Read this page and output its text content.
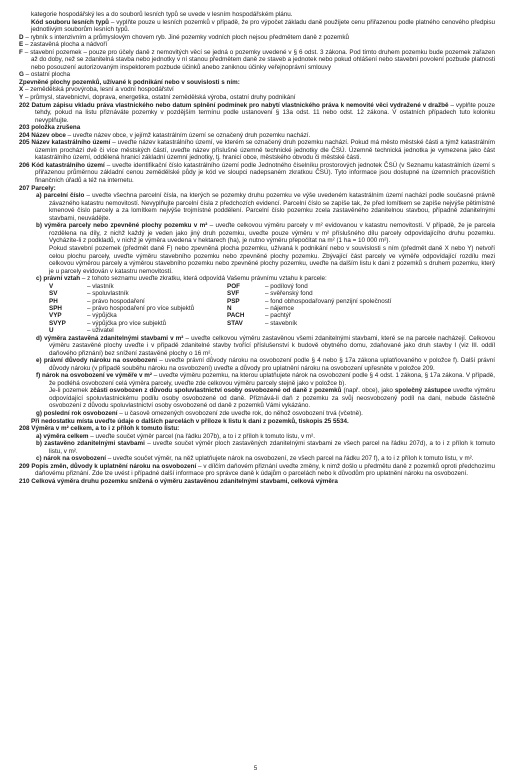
kategorie hospodářský les a do souborů lesních typů se uvede v lesním hospodářském plánu.

Kód souboru lesních typů – vyplňte pouze u lesních pozemků v případě, že pro výpočet základu daně použijete cenu přiřazenou podle platného cenového předpisu jednotlivým souborům lesních typů.

D – rybník s intenzivním a průmyslovým chovem ryb. Jiné pozemky vodních ploch nejsou předmětem daně z pozemků

E – zastavěná plocha a nádvoří

F – stavební pozemek – pouze pro účely daně z nemovitých věcí se jedná o pozemky uvedené v § 6 odst. 3 zákona. Pod tímto druhem pozemku bude pozemek zařazen až do doby, než se zdanitelná stavba nebo jednotky v ní stanou předmětem daně ze staveb a jednotek nebo pokud ohlášení nebo stavební povolení pozbude platnosti nebo posouzení autorizovaným inspektorem pozbude účinků anebo zaniknou účinky veřejnoprávní smlouvy

G – ostatní plocha

Zpevněné plochy pozemků, užívané k podnikání nebo v souvislosti s ním:

X – zemědělská prvovýroba, lesní a vodní hospodářství

Y – průmysl, stavebnictví, doprava, energetika, ostatní zemědělská výroba, ostatní druhy podnikání

202 Datum zápisu vkladu práva vlastnického nebo datum splnění podmínek pro nabytí vlastnického práva k nemovité věci vydražené v dražbě – vyplňte pouze tehdy, pokud na listu přiznáváte pozemky v pozdějším termínu podle ustanovení § 13a odst. 11 nebo odst. 12 zákona. V ostatních případech tuto kolonku nevyplňujte.

203 položka zrušena

204 Název obce – uveďte název obce, v jejímž katastrálním území se označený druh pozemku nachází.

205 Název katastrálního území – uveďte název katastrálního území, ve kterém se označený druh pozemku nachází. Pokud má město městské části a týmž katastrálním územím prochází dvě či více městských částí, uveďte název příslušné územně technické jednotky dle ČSÚ. Územně technická jednotka je vymezena jako část katastrálního území, oddělená hranicí základní územní jednotky, tj. hranicí obce, městského obvodu či městské části.

206 Kód katastrálního území – uveďte identifikační číslo katastrálního území podle Jednotného číselníku prostorových jednotek ČSÚ (v Seznamu katastrálních území s přiřazenou průměrnou základní cenou zemědělské půdy je kód ve sloupci nadepsaném zkratkou ČSÚ). Tyto informace jsou dostupné na územních pracovištích finančních úřadů a též na internetu.

207 Parcely:

a) parcelní číslo – uveďte všechna parcelní čísla, na kterých se pozemky druhu pozemku ve výše uvedeném katastrálním území nachází podle současné právně závazného katastru nemovitostí. Nevyplňujte parcelní čísla z předchozích evidencí. Parcelní číslo se zapíše tak, že před lomítkem se zapíše nejvýše pětimístné kmenové číslo parcely a za lomítkem nejvýše trojmístné poddělení. Parcelní číslo pozemku zcela zastavěného zdanitelnou stavbou, případně zdanitelnými stavbami, neuvádějte.

b) výměra parcely nebo zpevněné plochy pozemku v m² – uveďte celkovou výměru parcely v m² evidovanou v katastru nemovitostí. V případě, že je parcela rozdělena na díly, z nichž každý je veden jako jiný druh pozemku, uveďte pouze výměru v m² příslušného dílu parcely odpovídajícího druhu pozemku. Vycházíte-li z podkladů, v nichž je výměra uvedena v hektarech (ha), je nutno výměru přepočítat na m² (1 ha = 10 000 m²).

Pokud stavební pozemek (předmět daně F) nebo zpevněná plocha pozemku, užívaná k podnikání nebo v souvislosti s ním (předmět daně X nebo Y) netvoří celou plochu parcely, uveďte výměru stavebního pozemku nebo zpevněné plochy pozemku. Zbývající část parcely ve výměře odpovídající rozdílu mezi celkovou výměrou parcely a výměrou stavebního pozemku nebo zpevněné plochy pozemku, uveďte na dalším listu k dani z pozemků s druhem pozemku, který je u parcely evidován v katastru nemovitostí.

c) právní vztah – z tohoto seznamu uveďte zkratku, která odpovídá Vašemu právnímu vztahu k parcele:

V	– vlastník	POF	– podílový fond
SV	– spoluvlastník	SVF	– svěřenský fond
PH	– právo hospodaření	PSP	– fond obhospodařovaný penzijní společností
SPH	– právo hospodaření pro více subjektů	N	– nájemce
VYP	– výpůjčka	PACH	– pachtýř
SVYP	– výpůjčka pro více subjektů	STAV	– stavebník
U	– uživatel		

d) výměra zastavěná zdanitelnými stavbami v m² – uveďte celkovou výměru zastavěnou všemi zdanitelnými stavbami, které se na parcele nacházejí. Celkovou výměru zastavěné plochy uveďte i v případě zdanitelné stavby tvořící příslušenství k budově obytného domu, zdaňované jako druh stavby I (viz III. oddíl daňového přiznání) bez snížení zastavěné plochy o 16 m².

e) právní důvody nároku na osvobození – uveďte právní důvody nároku na osvobození podle § 4 nebo § 17a zákona uplatňovaného v položce f). Další právní důvody nároku (v případě souběhu nároku na osvobození) uveďte a důvody pro uplatnění nároku na osvobození upřesněte v položce 209.

f) nárok na osvobození ve výměře v m² – uveďte výměru pozemku, na kterou uplatňujete nárok na osvobození podle § 4 odst. 1 zákona, § 17a zákona. V případě, že podléhá osvobození celá výměra parcely, uveďte zde celkovou výměru parcely stejně jako v položce b).

Je-li pozemek zčásti osvobozen z důvodu spoluvlastnictví osoby osvobozené od daně z pozemků (např. obce), jako společný zástupce uveďte výměru odpovídající spoluvlastnickému podílu osoby osvobozené od daně. Přiznává-li daň z pozemku za svůj neosvobozený podíl na dani, nebude částečně osvobození z důvodu spoluvlastnictví osoby osvobozené od daně z pozemků Vámi vykázáno.

g) poslední rok osvobození – u časově omezených osvobození zde uveďte rok, do něhož osvobození trvá (včetně).

Při nedostatku místa uveďte údaje o dalších parcelách v příloze k listu k dani z pozemků, tiskopis 25 5534.

208 Výměra v m² celkem, a to i z příloh k tomuto listu:

a) výměra celkem – uveďte součet výměr parcel (na řádku 207b), a to i z příloh k tomuto listu, v m².

b) zastavěno zdanitelnými stavbami – uveďte součet výměr ploch zastavěných zdanitelnými stavbami ze všech parcel na řádku 207d), a to i z příloh k tomuto listu, v m².

c) nárok na osvobození – uveďte součet výměr, na něž uplatňujete nárok na osvobození, ze všech parcel na řádku 207 f), a to i z příloh k tomuto listu, v m².

209 Popis změn, důvody k uplatnění nároku na osvobození – v dílčím daňovém přiznání uveďte změny, k nimž došlo u předmětu daně z pozemků oproti předchozímu daňovému přiznání. Zde lze uvést i případné další informace pro správce daně k údajům o parcelách nebo k důvodům pro uplatnění nároku na osvobození.

210 Celková výměra druhu pozemku snížená o výměru zastavěnou zdanitelnými stavbami, celková výměra

5
